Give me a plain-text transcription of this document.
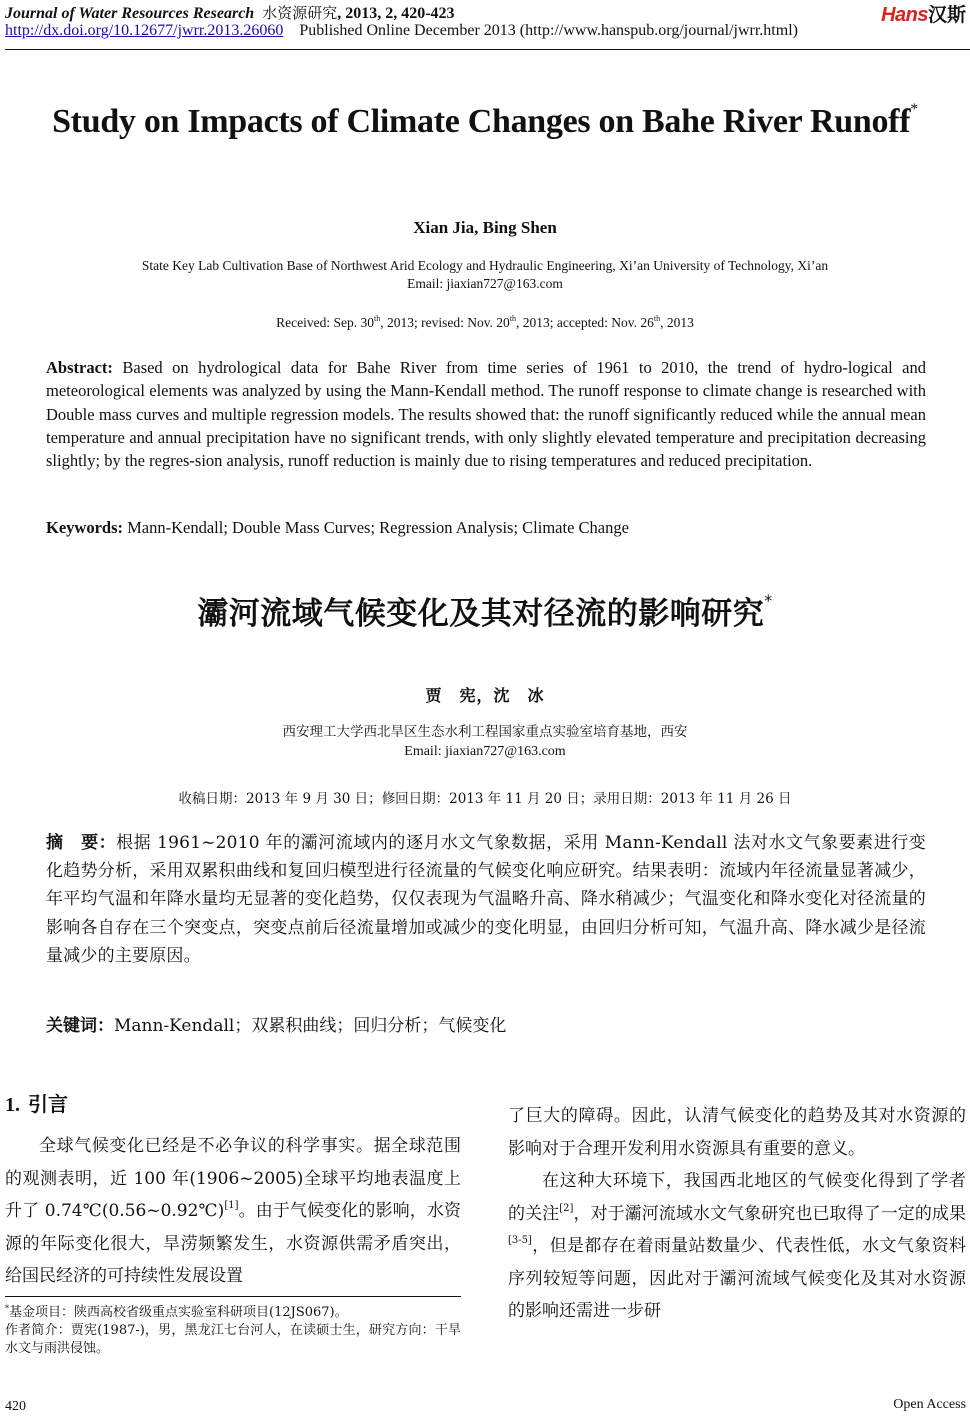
Journal of Water Resources Research 水资源研究, 2013, 2, 420-423
http://dx.doi.org/10.12677/jwrr.2013.26060 Published Online December 2013 (http://www.hanspub.org/journal/jwrr.html)
Hans汉斯
Study on Impacts of Climate Changes on Bahe River Runoff*
Xian Jia, Bing Shen
State Key Lab Cultivation Base of Northwest Arid Ecology and Hydraulic Engineering, Xi’an University of Technology, Xi’an
Email: jiaxian727@163.com
Received: Sep. 30th, 2013; revised: Nov. 20th, 2013; accepted: Nov. 26th, 2013
Abstract: Based on hydrological data for Bahe River from time series of 1961 to 2010, the trend of hydro-logical and meteorological elements was analyzed by using the Mann-Kendall method. The runoff response to climate change is researched with Double mass curves and multiple regression models. The results showed that: the runoff significantly reduced while the annual mean temperature and annual precipitation have no significant trends, with only slightly elevated temperature and precipitation decreasing slightly; by the regres-sion analysis, runoff reduction is mainly due to rising temperatures and reduced precipitation.
Keywords: Mann-Kendall; Double Mass Curves; Regression Analysis; Climate Change
灞河流域气候变化及其对径流的影响研究*
贾　宪，沈　冰
西安理工大学西北旱区生态水利工程国家重点实验室培育基地，西安
Email: jiaxian727@163.com
收稿日期：2013 年 9 月 30 日；修回日期：2013 年 11 月 20 日；录用日期：2013 年 11 月 26 日
摘　要：根据 1961~2010 年的灞河流域内的逐月水文气象数据，采用 Mann-Kendall 法对水文气象要素进行变化趋势分析，采用双累积曲线和复回归模型进行径流量的气候变化响应研究。结果表明：流域内年径流量显著减少，年平均气温和年降水量均无显著的变化趋势，仅仅表现为气温略升高、降水稍减少；气温变化和降水变化对径流量的影响各自存在三个突变点，突变点前后径流量增加或减少的变化明显，由回归分析可知，气温升高、降水减少是径流量减少的主要原因。
关键词：Mann-Kendall；双累积曲线；回归分析；气候变化
1. 引言

全球气候变化已经是不必争议的科学事实。据全球范围的观测表明，近 100 年(1906~2005)全球平均地表温度上升了 0.74℃(0.56~0.92℃)[1]。由于气候变化的影响，水资源的年际变化很大，旱涝频繁发生，水资源供需矛盾突出，给国民经济的可持续性发展设置

了巨大的障碍。因此，认清气候变化的趋势及其对水资源的影响对于合理开发利用水资源具有重要的意义。

在这种大环境下，我国西北地区的气候变化得到了学者的关注[2]，对于灞河流域水文气象研究也已取得了一定的成果[3-5]，但是都存在着雨量站数量少、代表性低，水文气象资料序列较短等问题，因此对于灞河流域气候变化及其对水资源的影响还需进一步研

*基金项目：陕西高校省级重点实验室科研项目(12JS067)。
作者简介：贾宪(1987-)，男，黑龙江七台河人，在读硕士生，研究方向：干旱水文与雨洪侵蚀。
420	Open Access
